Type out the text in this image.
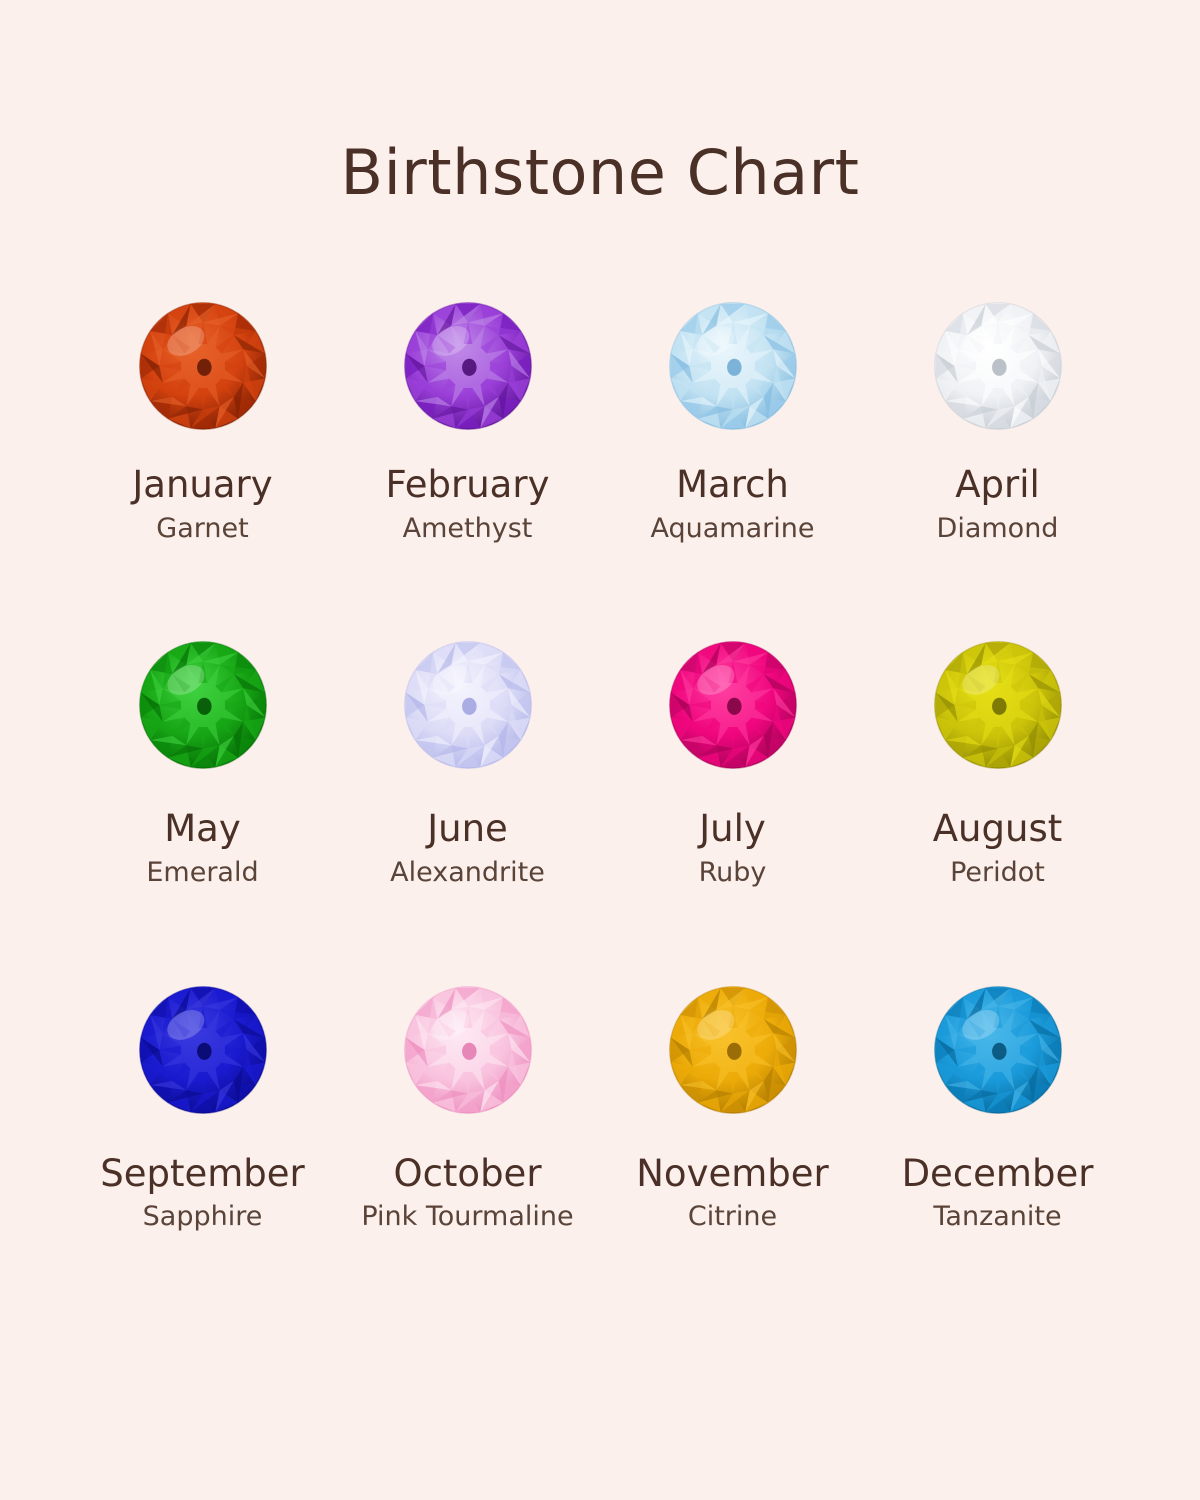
Birthstone Chart
January
Garnet
February
Amethyst
March
Aquamarine
April
Diamond
May
Emerald
June
Alexandrite
July
Ruby
August
Peridot
September
Sapphire
October
Pink Tourmaline
November
Citrine
December
Tanzanite
